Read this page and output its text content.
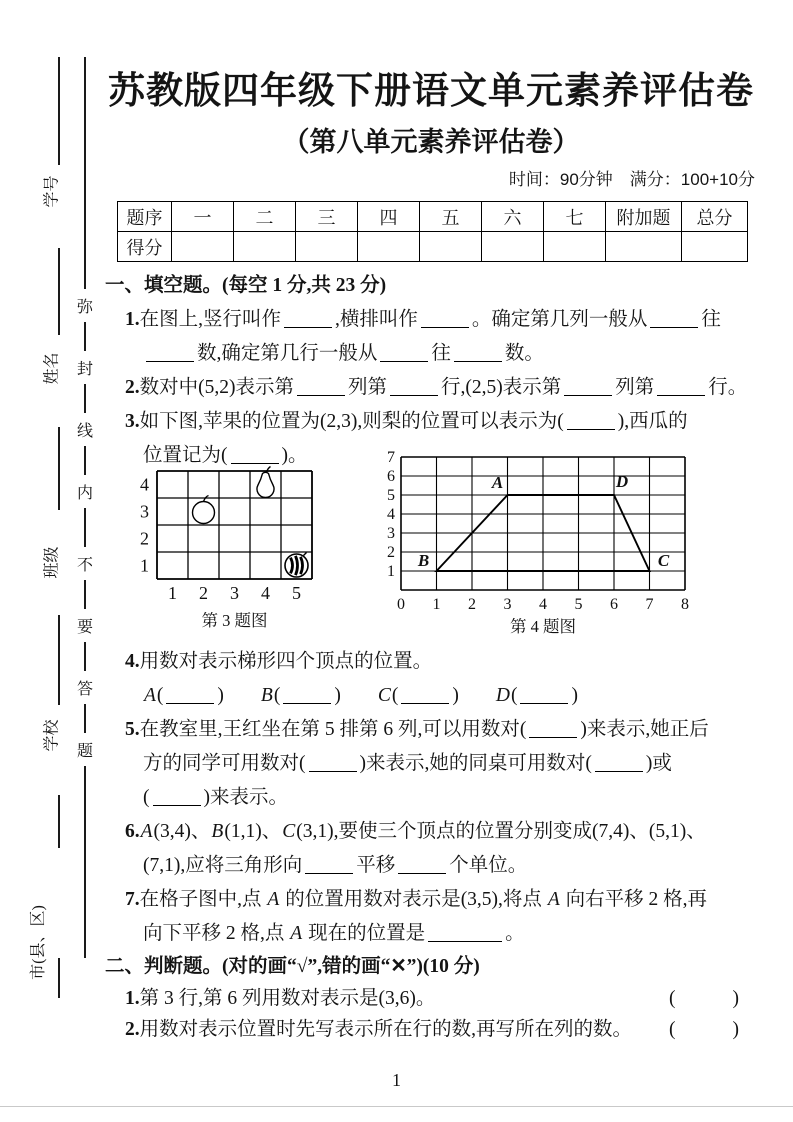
学号
姓名
班级
学校
市(县、区)
弥
封
线
内
不
要
答
题
苏教版四年级下册语文单元素养评估卷
（第八单元素养评估卷）
时间：90分钟　满分：100+10分
题序	一	二	三	四	五	六	七	附加题	总分
得分									
一、填空题。(每空 1 分,共 23 分)
1.在图上,竖行叫作	,横排叫作	。确定第几列一般从	往
数,确定第几行一般从	往	数。
2.数对中(5,2)表示第	列第	行,(2,5)表示第	列第	行。
3.如下图,苹果的位置为(2,3),则梨的位置可以表示为(	),西瓜的
位置记为(	)。
4
3
2
1
1 2 3 4 5
第 3 题图
1
2
3
4
5
6
7
0 1 2 3 4 5 6 7 8
A
B	C
D
第 4 题图
4.用数对表示梯形四个顶点的位置。
A(	) B(	) C(	) D(	)
5.在教室里,王红坐在第 5 排第 6 列,可以用数对(	)来表示,她正后
方的同学可用数对(	)来表示,她的同桌可用数对(	)或
(	)来表示。
6.A(3,4)、B(1,1)、C(3,1),要使三个顶点的位置分别变成(7,4)、(5,1)、
(7,1),应将三角形向	平移	个单位。
7.在格子图中,点 A 的位置用数对表示是(3,5),将点 A 向右平移 2 格,再
向下平移 2 格,点 A 现在的位置是	。
二、判断题。(对的画“√”,错的画“✕”)(10 分)
1.第 3 行,第 6 列用数对表示是(3,6)。	(　　)
2.用数对表示位置时先写表示所在行的数,再写所在列的数。 (　　)
1
